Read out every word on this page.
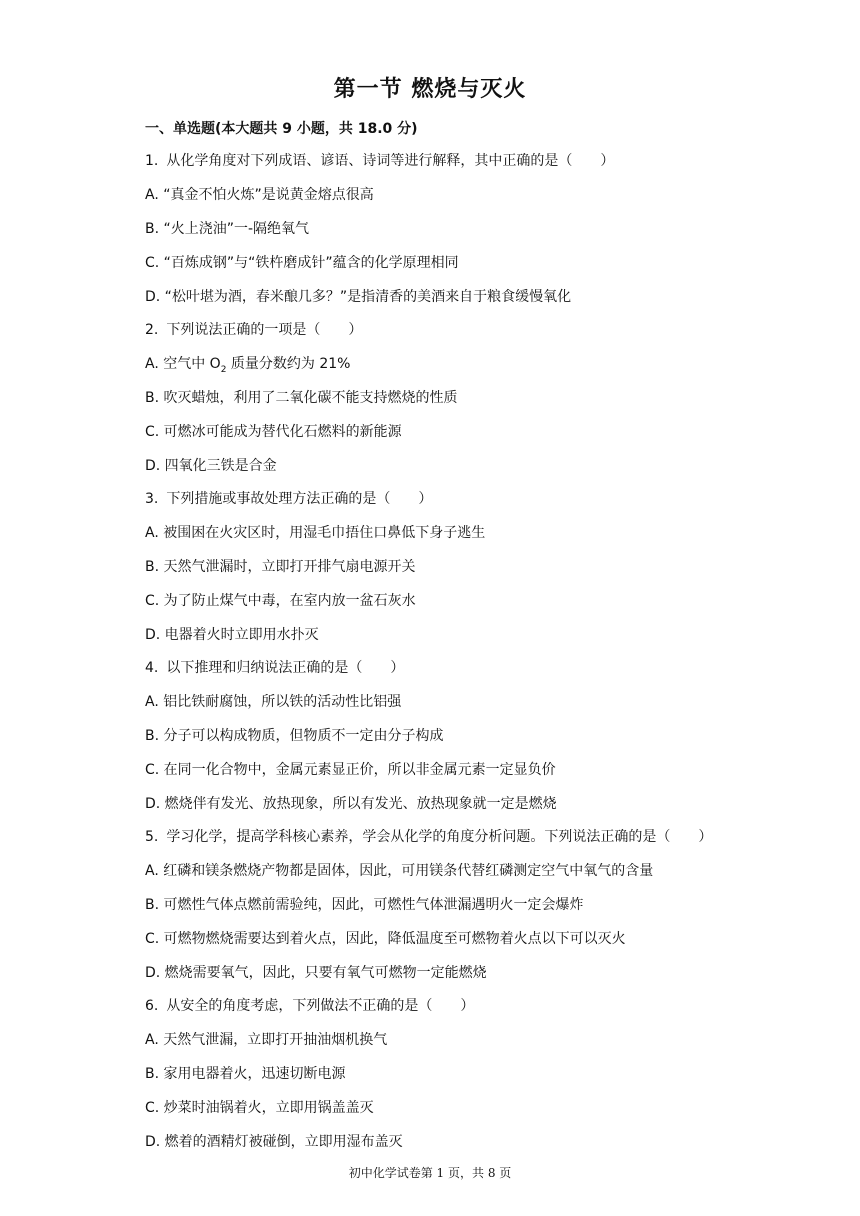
第一节 燃烧与灭火
一、单选题(本大题共 9 小题，共 18.0 分)
1. 从化学角度对下列成语、谚语、诗词等进行解释，其中正确的是（　　）
A. “真金不怕火炼”是说黄金熔点很高
B. “火上浇油”一-隔绝氧气
C. “百炼成钢”与“铁杵磨成针”蕴含的化学原理相同
D. “松叶堪为酒，春米酿几多？”是指清香的美酒来自于粮食缓慢氧化
2. 下列说法正确的一项是（　　）
A. 空气中 $O_2$ 质量分数约为 21%
B. 吹灭蜡烛，利用了二氧化碳不能支持燃烧的性质
C. 可燃冰可能成为替代化石燃料的新能源
D. 四氧化三铁是合金
3. 下列措施或事故处理方法正确的是（　　）
A. 被围困在火灾区时，用湿毛巾捂住口鼻低下身子逃生
B. 天然气泄漏时，立即打开排气扇电源开关
C. 为了防止煤气中毒，在室内放一盆石灰水
D. 电器着火时立即用水扑灭
4. 以下推理和归纳说法正确的是（　　）
A. 铝比铁耐腐蚀，所以铁的活动性比铝强
B. 分子可以构成物质，但物质不一定由分子构成
C. 在同一化合物中，金属元素显正价，所以非金属元素一定显负价
D. 燃烧伴有发光、放热现象，所以有发光、放热现象就一定是燃烧
5. 学习化学，提高学科核心素养，学会从化学的角度分析问题。下列说法正确的是（　　）
A. 红磷和镁条燃烧产物都是固体，因此，可用镁条代替红磷测定空气中氧气的含量
B. 可燃性气体点燃前需验纯，因此，可燃性气体泄漏遇明火一定会爆炸
C. 可燃物燃烧需要达到着火点，因此，降低温度至可燃物着火点以下可以灭火
D. 燃烧需要氧气，因此，只要有氧气可燃物一定能燃烧
6. 从安全的角度考虑，下列做法不正确的是（　　）
A. 天然气泄漏，立即打开抽油烟机换气
B. 家用电器着火，迅速切断电源
C. 炒菜时油锅着火，立即用锅盖盖灭
D. 燃着的酒精灯被碰倒，立即用湿布盖灭
初中化学试卷第 1 页，共 8 页
